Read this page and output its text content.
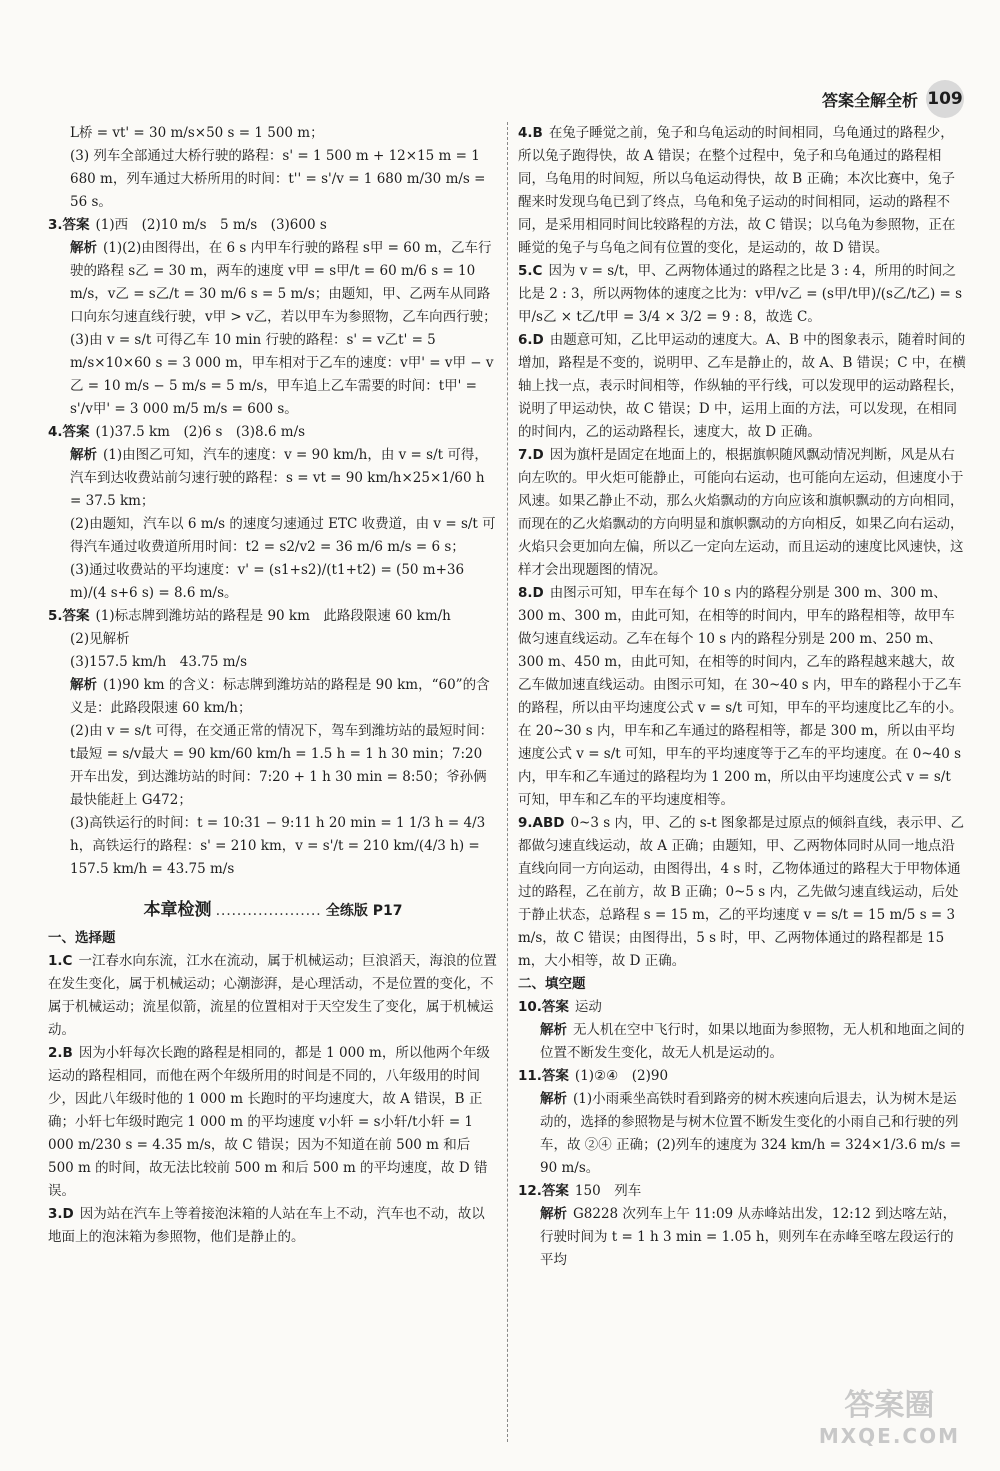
答案全解全析 109

L桥 = vt' = 30 m/s×50 s = 1 500 m；

(3) 列车全部通过大桥行驶的路程：s' = 1 500 m + 12×15 m = 1 680 m，列车通过大桥所用的时间：t'' = s'/v = 1 680 m/30 m/s = 56 s。

3.答案 (1)西　(2)10 m/s　5 m/s　(3)600 s

解析 (1)(2)由图得出，在 6 s 内甲车行驶的路程 s甲 = 60 m，乙车行驶的路程 s乙 = 30 m，两车的速度 v甲 = s甲/t = 60 m/6 s = 10 m/s，v乙 = s乙/t = 30 m/6 s = 5 m/s；由题知，甲、乙两车从同路口向东匀速直线行驶，v甲 > v乙，若以甲车为参照物，乙车向西行驶；(3)由 v = s/t 可得乙车 10 min 行驶的路程：s' = v乙t' = 5 m/s×10×60 s = 3 000 m，甲车相对于乙车的速度：v甲' = v甲 − v乙 = 10 m/s − 5 m/s = 5 m/s，甲车追上乙车需要的时间：t甲' = s'/v甲' = 3 000 m/5 m/s = 600 s。

4.答案 (1)37.5 km　(2)6 s　(3)8.6 m/s

解析 (1)由图乙可知，汽车的速度：v = 90 km/h，由 v = s/t 可得，汽车到达收费站前匀速行驶的路程：s = vt = 90 km/h×25×1/60 h = 37.5 km；

(2)由题知，汽车以 6 m/s 的速度匀速通过 ETC 收费道，由 v = s/t 可得汽车通过收费道所用时间：t2 = s2/v2 = 36 m/6 m/s = 6 s；

(3)通过收费站的平均速度：v' = (s1+s2)/(t1+t2) = (50 m+36 m)/(4 s+6 s) = 8.6 m/s。

5.答案 (1)标志牌到潍坊站的路程是 90 km　此路段限速 60 km/h

(2)见解析

(3)157.5 km/h　43.75 m/s

解析 (1)90 km 的含义：标志牌到潍坊站的路程是 90 km，“60”的含义是：此路段限速 60 km/h；

(2)由 v = s/t 可得，在交通正常的情况下，驾车到潍坊站的最短时间：t最短 = s/v最大 = 90 km/60 km/h = 1.5 h = 1 h 30 min；7:20 开车出发，到达潍坊站的时间：7:20 + 1 h 30 min = 8:50；爷孙俩最快能赶上 G472；

(3)高铁运行的时间：t = 10:31 − 9:11 h 20 min = 1 1/3 h = 4/3 h，高铁运行的路程：s' = 210 km，v = s'/t = 210 km/(4/3 h) = 157.5 km/h = 43.75 m/s

本章检测 .................... 全练版 P17

一、选择题

1.C 一江春水向东流，江水在流动，属于机械运动；巨浪滔天，海浪的位置在发生变化，属于机械运动；心潮澎湃，是心理活动，不是位置的变化，不属于机械运动；流星似箭，流星的位置相对于天空发生了变化，属于机械运动。

2.B 因为小轩每次长跑的路程是相同的，都是 1 000 m，所以他两个年级运动的路程相同，而他在两个年级所用的时间是不同的，八年级用的时间少，因此八年级时他的 1 000 m 长跑时的平均速度大，故 A 错误，B 正确；小轩七年级时跑完 1 000 m 的平均速度 v小轩 = s小轩/t小轩 = 1 000 m/230 s = 4.35 m/s，故 C 错误；因为不知道在前 500 m 和后 500 m 的时间，故无法比较前 500 m 和后 500 m 的平均速度，故 D 错误。

3.D 因为站在汽车上等着接泡沫箱的人站在车上不动，汽车也不动，故以地面上的泡沫箱为参照物，他们是静止的。

4.B 在兔子睡觉之前，兔子和乌龟运动的时间相同，乌龟通过的路程少，所以兔子跑得快，故 A 错误；在整个过程中，兔子和乌龟通过的路程相同，乌龟用的时间短，所以乌龟运动得快，故 B 正确；本次比赛中，兔子醒来时发现乌龟已到了终点，乌龟和兔子运动的时间相同，运动的路程不同，是采用相同时间比较路程的方法，故 C 错误；以乌龟为参照物，正在睡觉的兔子与乌龟之间有位置的变化，是运动的，故 D 错误。

5.C 因为 v = s/t，甲、乙两物体通过的路程之比是 3 : 4，所用的时间之比是 2 : 3，所以两物体的速度之比为：v甲/v乙 = (s甲/t甲)/(s乙/t乙) = s甲/s乙 × t乙/t甲 = 3/4 × 3/2 = 9 : 8，故选 C。

6.D 由题意可知，乙比甲运动的速度大。A、B 中的图象表示，随着时间的增加，路程是不变的，说明甲、乙车是静止的，故 A、B 错误；C 中，在横轴上找一点，表示时间相等，作纵轴的平行线，可以发现甲的运动路程长，说明了甲运动快，故 C 错误；D 中，运用上面的方法，可以发现，在相同的时间内，乙的运动路程长，速度大，故 D 正确。

7.D 因为旗杆是固定在地面上的，根据旗帜随风飘动情况判断，风是从右向左吹的。甲火炬可能静止，可能向右运动，也可能向左运动，但速度小于风速。如果乙静止不动，那么火焰飘动的方向应该和旗帜飘动的方向相同，而现在的乙火焰飘动的方向明显和旗帜飘动的方向相反，如果乙向右运动，火焰只会更加向左偏，所以乙一定向左运动，而且运动的速度比风速快，这样才会出现题图的情况。

8.D 由图示可知，甲车在每个 10 s 内的路程分别是 300 m、300 m、300 m、300 m，由此可知，在相等的时间内，甲车的路程相等，故甲车做匀速直线运动。乙车在每个 10 s 内的路程分别是 200 m、250 m、300 m、450 m，由此可知，在相等的时间内，乙车的路程越来越大，故乙车做加速直线运动。由图示可知，在 30~40 s 内，甲车的路程小于乙车的路程，所以由平均速度公式 v = s/t 可知，甲车的平均速度比乙车的小。在 20~30 s 内，甲车和乙车通过的路程相等，都是 300 m，所以由平均速度公式 v = s/t 可知，甲车的平均速度等于乙车的平均速度。在 0~40 s 内，甲车和乙车通过的路程均为 1 200 m，所以由平均速度公式 v = s/t 可知，甲车和乙车的平均速度相等。

9.ABD 0~3 s 内，甲、乙的 s-t 图象都是过原点的倾斜直线，表示甲、乙都做匀速直线运动，故 A 正确；由题知，甲、乙两物体同时从同一地点沿直线向同一方向运动，由图得出，4 s 时，乙物体通过的路程大于甲物体通过的路程，乙在前方，故 B 正确；0~5 s 内，乙先做匀速直线运动，后处于静止状态，总路程 s = 15 m，乙的平均速度 v = s/t = 15 m/5 s = 3 m/s，故 C 错误；由图得出，5 s 时，甲、乙两物体通过的路程都是 15 m，大小相等，故 D 正确。

二、填空题

10.答案 运动

解析 无人机在空中飞行时，如果以地面为参照物，无人机和地面之间的位置不断发生变化，故无人机是运动的。

11.答案 (1)②④　(2)90

解析 (1)小雨乘坐高铁时看到路旁的树木疾速向后退去，认为树木是运动的，选择的参照物是与树木位置不断发生变化的小雨自己和行驶的列车，故 ②④ 正确；(2)列车的速度为 324 km/h = 324×1/3.6 m/s = 90 m/s。

12.答案 150　列车

解析 G8228 次列车上午 11:09 从赤峰站出发，12:12 到达喀左站，行驶时间为 t = 1 h 3 min = 1.05 h，则列车在赤峰至喀左段运行的平均

答案圈
MXQE.COM
